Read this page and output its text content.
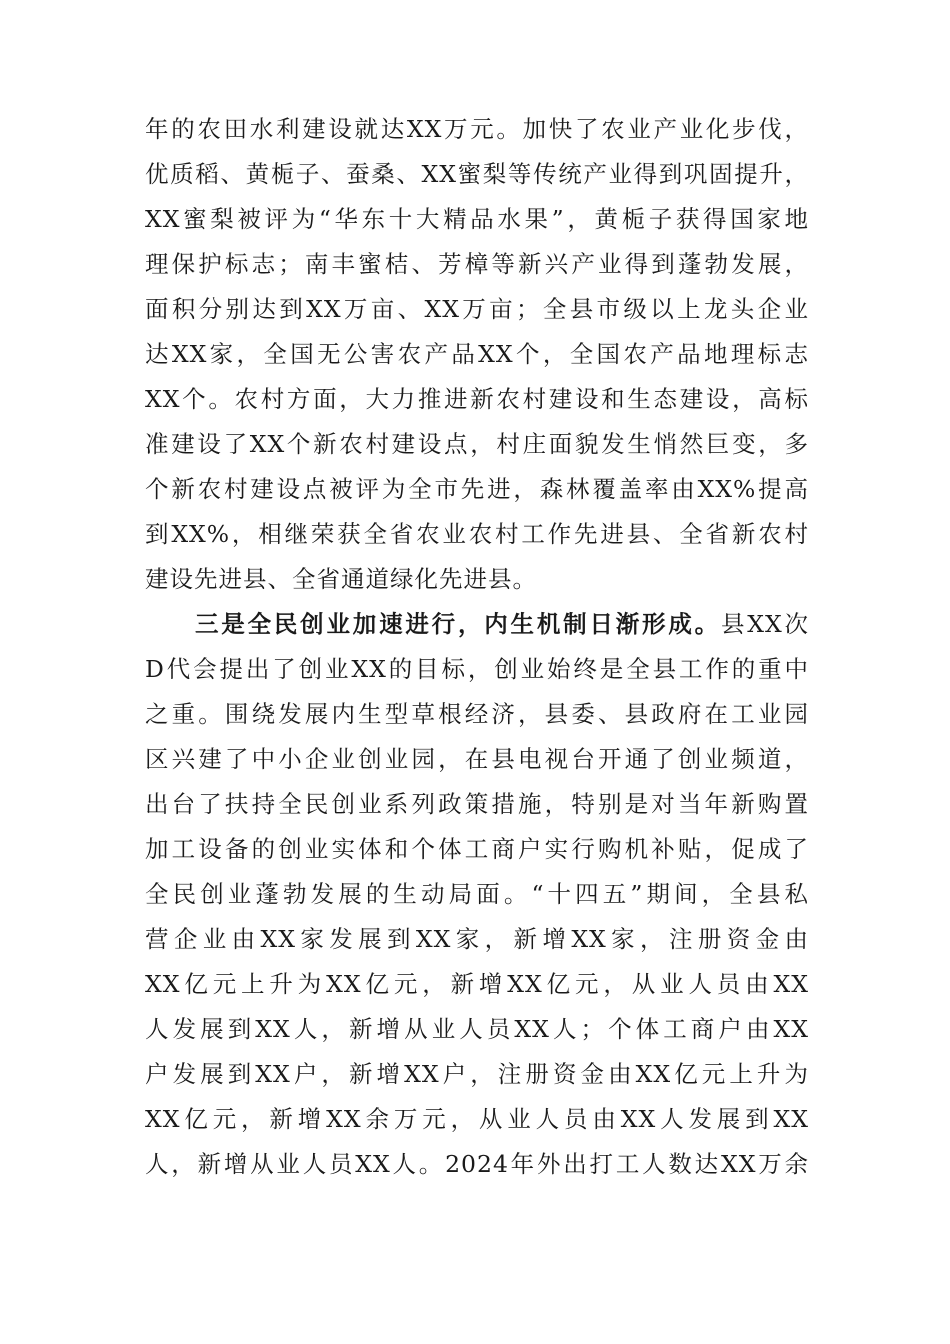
年的农田水利建设就达XX万元。加快了农业产业化步伐，
优质稻、黄栀子、蚕桑、XX蜜梨等传统产业得到巩固提升，
XX蜜梨被评为“华东十大精品水果”，黄栀子获得国家地
理保护标志；南丰蜜桔、芳樟等新兴产业得到蓬勃发展，
面积分别达到XX万亩、XX万亩；全县市级以上龙头企业
达XX家，全国无公害农产品XX个，全国农产品地理标志
XX个。农村方面，大力推进新农村建设和生态建设，高标
准建设了XX个新农村建设点，村庄面貌发生悄然巨变，多
个新农村建设点被评为全市先进，森林覆盖率由XX%提高
到XX%，相继荣获全省农业农村工作先进县、全省新农村
建设先进县、全省通道绿化先进县。
三是全民创业加速进行，内生机制日渐形成。县XX次
D代会提出了创业XX的目标，创业始终是全县工作的重中
之重。围绕发展内生型草根经济，县委、县政府在工业园
区兴建了中小企业创业园，在县电视台开通了创业频道，
出台了扶持全民创业系列政策措施，特别是对当年新购置
加工设备的创业实体和个体工商户实行购机补贴，促成了
全民创业蓬勃发展的生动局面。“十四五”期间，全县私
营企业由XX家发展到XX家，新增XX家，注册资金由
XX亿元上升为XX亿元，新增XX亿元，从业人员由XX
人发展到XX人，新增从业人员XX人；个体工商户由XX
户发展到XX户，新增XX户，注册资金由XX亿元上升为
XX亿元，新增XX余万元，从业人员由XX人发展到XX
人，新增从业人员XX人。2024年外出打工人数达XX万余
